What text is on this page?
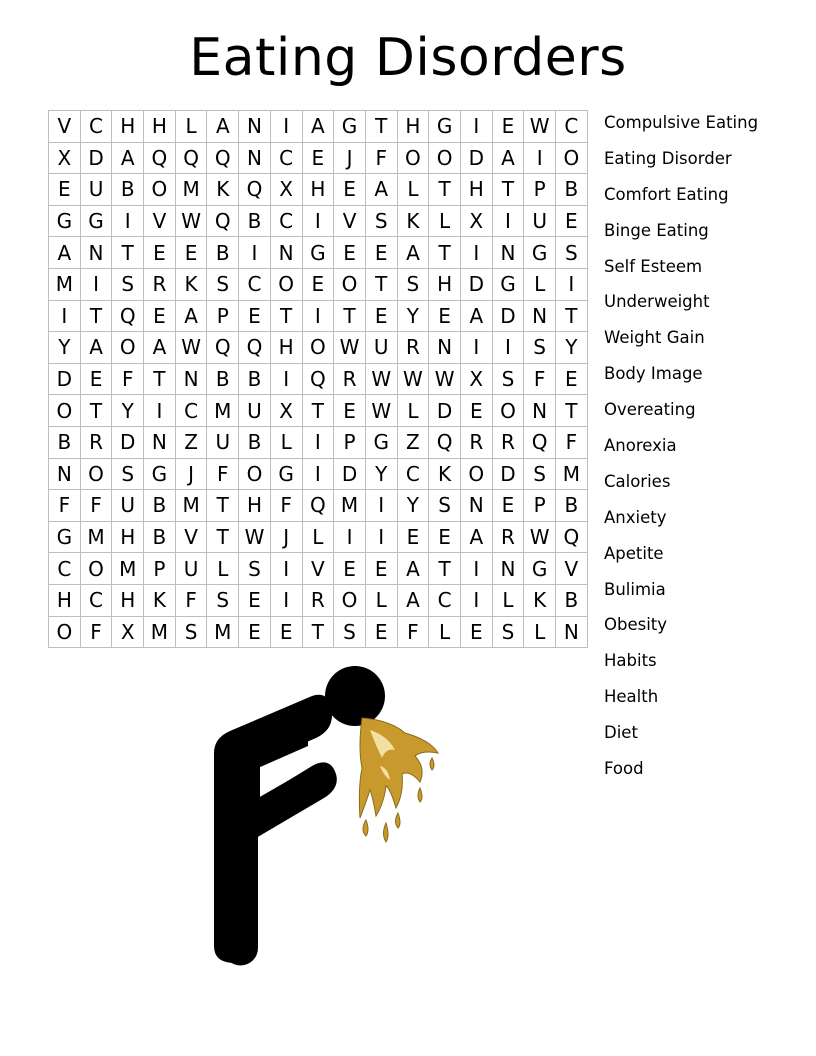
Eating Disorders
V	C	H	H	L	A	N	I	A	G	T	H	G	I	E	W	C
X	D	A	Q	Q	Q	N	C	E	J	F	O	O	D	A	I	O
E	U	B	O	M	K	Q	X	H	E	A	L	T	H	T	P	B
G	G	I	V	W	Q	B	C	I	V	S	K	L	X	I	U	E
A	N	T	E	E	B	I	N	G	E	E	A	T	I	N	G	S
M	I	S	R	K	S	C	O	E	O	T	S	H	D	G	L	I
I	T	Q	E	A	P	E	T	I	T	E	Y	E	A	D	N	T
Y	A	O	A	W	Q	Q	H	O	W	U	R	N	I	I	S	Y
D	E	F	T	N	B	B	I	Q	R	W	W	W	X	S	F	E
O	T	Y	I	C	M	U	X	T	E	W	L	D	E	O	N	T
B	R	D	N	Z	U	B	L	I	P	G	Z	Q	R	R	Q	F
N	O	S	G	J	F	O	G	I	D	Y	C	K	O	D	S	M
F	F	U	B	M	T	H	F	Q	M	I	Y	S	N	E	P	B
G	M	H	B	V	T	W	J	L	I	I	E	E	A	R	W	Q
C	O	M	P	U	L	S	I	V	E	E	A	T	I	N	G	V
H	C	H	K	F	S	E	I	R	O	L	A	C	I	L	K	B
O	F	X	M	S	M	E	E	T	S	E	F	L	E	S	L	N
Compulsive Eating
Eating Disorder
Comfort Eating
Binge Eating
Self Esteem
Underweight
Weight Gain
Body Image
Overeating
Anorexia
Calories
Anxiety
Apetite
Bulimia
Obesity
Habits
Health
Diet
Food
